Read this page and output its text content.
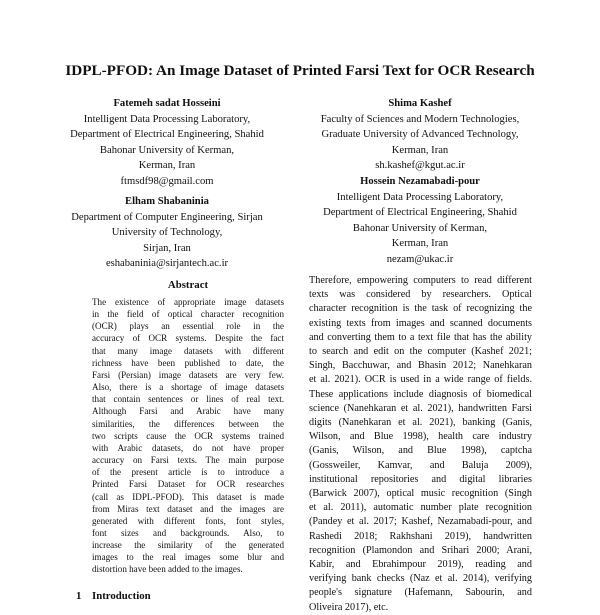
IDPL-PFOD: An Image Dataset of Printed Farsi Text for OCR Research
Fatemeh sadat Hosseini
Intelligent Data Processing Laboratory,
Department of Electrical Engineering, Shahid
Bahonar University of Kerman,
Kerman, Iran
ftmsdf98@gmail.com
Elham Shabaninia
Department of Computer Engineering, Sirjan
University of Technology,
Sirjan, Iran
eshabaninia@sirjantech.ac.ir
Shima Kashef
Faculty of Sciences and Modern Technologies,
Graduate University of Advanced Technology,
Kerman, Iran
sh.kashef@kgut.ac.ir
Hossein Nezamabadi-pour
Intelligent Data Processing Laboratory,
Department of Electrical Engineering, Shahid
Bahonar University of Kerman,
Kerman, Iran
nezam@ukac.ir
Abstract
The existence of appropriate image datasets
in the field of optical character recognition
(OCR) plays an essential role in the
accuracy of OCR systems. Despite the fact
that many image datasets with different
richness have been published to date, the
Farsi (Persian) image datasets are very few.
Also, there is a shortage of image datasets
that contain sentences or lines of real text.
Although Farsi and Arabic have many
similarities, the differences between the
two scripts cause the OCR systems trained
with Arabic datasets, do not have proper
accuracy on Farsi texts. The main purpose
of the present article is to introduce a
Printed Farsi Dataset for OCR researches
(call as IDPL-PFOD). This dataset is made
from Miras text dataset and the images are
generated with different fonts, font styles,
font sizes and backgrounds. Also, to
increase the similarity of the generated
images to the real images some blur and
distortion have been added to the images.
1 Introduction
Therefore, empowering computers to read different
texts was considered by researchers. Optical
character recognition is the task of recognizing the
existing texts from images and scanned documents
and converting them to a text file that has the ability
to search and edit on the computer (Kashef 2021;
Singh, Bacchuwar, and Bhasin 2012; Nanehkaran
et al. 2021). OCR is used in a wide range of fields.
These applications include diagnosis of biomedical
science (Nanehkaran et al. 2021), handwritten Farsi
digits (Nanehkaran et al. 2021), banking (Ganis,
Wilson, and Blue 1998), health care industry
(Ganis, Wilson, and Blue 1998), captcha
(Gossweiler, Kamvar, and Baluja 2009),
institutional repositories and digital libraries
(Barwick 2007), optical music recognition (Singh
et al. 2011), automatic number plate recognition
(Pandey et al. 2017; Kashef, Nezamabadi-pour, and
Rashedi 2018; Rakhshani 2019), handwritten
recognition (Plamondon and Srihari 2000; Arani,
Kabir, and Ebrahimpour 2019), reading and
verifying bank checks (Naz et al. 2014), verifying
people's signature (Hafemann, Sabourin, and
Oliveira 2017), etc.
